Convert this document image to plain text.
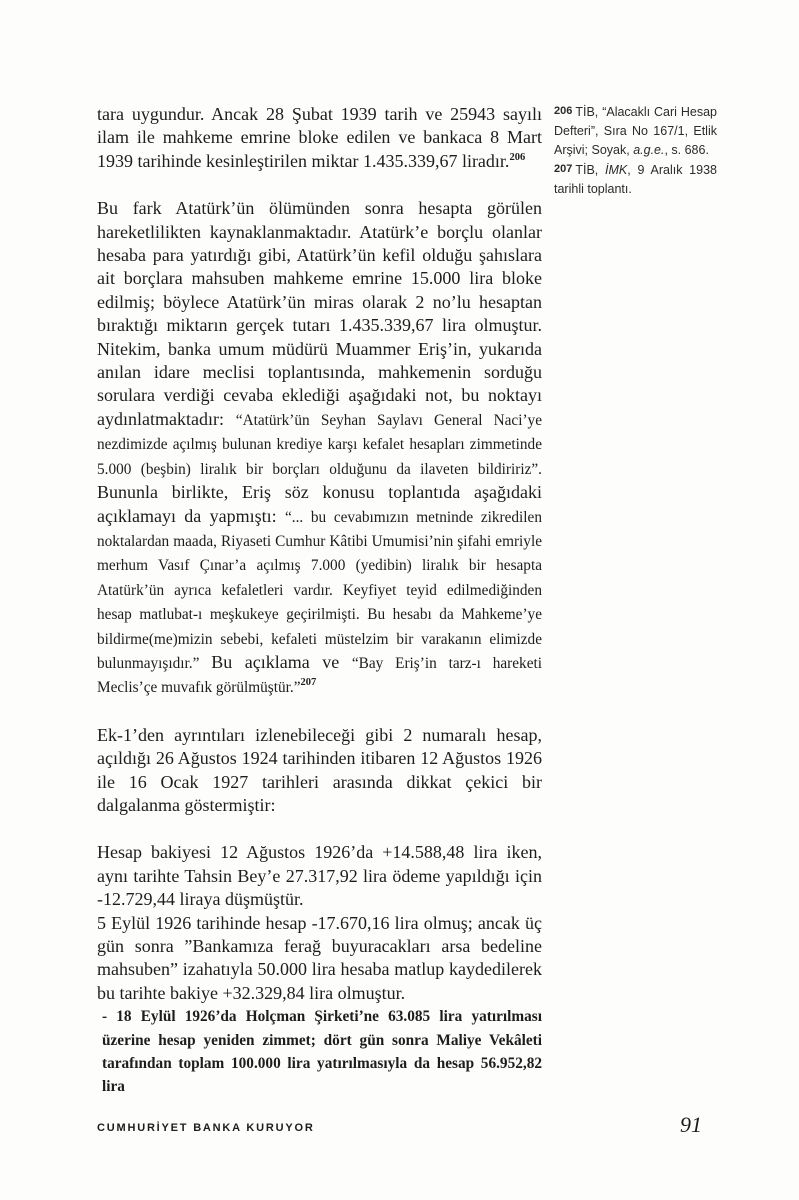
tara uygundur. Ancak 28 Şubat 1939 tarih ve 25943 sayılı ilam ile mahkeme emrine bloke edilen ve bankaca 8 Mart 1939 tarihinde kesinleştirilen miktar 1.435.339,67 liradır.$^{206}$

Bu fark Atatürk’ün ölümünden sonra hesapta görülen hareketlilikten kaynaklanmaktadır. Atatürk’e borçlu olanlar hesaba para yatırdığı gibi, Atatürk’ün kefil olduğu şahıslara ait borçlara mahsuben mahkeme emrine 15.000 lira bloke edilmiş; böylece Atatürk’ün miras olarak 2 no’lu hesaptan bıraktığı miktarın gerçek tutarı 1.435.339,67 lira olmuştur. Nitekim, banka umum müdürü Muammer Eriş’in, yukarıda anılan idare meclisi toplantısında, mahkemenin sorduğu sorulara verdiği cevaba eklediği aşağıdaki not, bu noktayı aydınlatmaktadır: “Atatürk’ün Seyhan Saylavı General Naci’ye nezdimizde açılmış bulunan krediye karşı kefalet hesapları zimmetinde 5.000 (beşbin) liralık bir borçları olduğunu da ilaveten bildiririz”. Bununla birlikte, Eriş söz konusu toplantıda aşağıdaki açıklamayı da yapmıştı: “... bu cevabımızın metninde zikredilen noktalardan maada, Riyaseti Cumhur Kâtibi Umumisi’nin şifahi emriyle merhum Vasıf Çınar’a açılmış 7.000 (yedibin) liralık bir hesapta Atatürk’ün ayrıca kefaletleri vardır. Keyfiyet teyid edilmediğinden hesap matlubat-ı meşkukeye geçirilmişti. Bu hesabı da Mahkeme’ye bildirme(me)mizin sebebi, kefaleti müstelzim bir varakanın elimizde bulunmayışıdır.” Bu açıklama ve “Bay Eriş’in tarz-ı hareketi Meclis’çe muvafık görülmüştür.”$^{207}$

Ek-1’den ayrıntıları izlenebileceği gibi 2 numaralı hesap, açıldığı 26 Ağustos 1924 tarihinden itibaren 12 Ağustos 1926 ile 16 Ocak 1927 tarihleri arasında dikkat çekici bir dalgalanma göstermiştir:

Hesap bakiyesi 12 Ağustos 1926’da +14.588,48 lira iken, aynı tarihte Tahsin Bey’e 27.317,92 lira ödeme yapıldığı için -12.729,44 liraya düşmüştür.

5 Eylül 1926 tarihinde hesap -17.670,16 lira olmuş; ancak üç gün sonra ”Bankamıza ferağ buyuracakları arsa bedeline mahsuben” izahatıyla 50.000 lira hesaba matlup kaydedilerek bu tarihte bakiye +32.329,84 lira olmuştur.

- 18 Eylül 1926’da Holçman Şirketi’ne 63.085 lira yatırılması üzerine hesap yeniden zimmet; dört gün sonra Maliye Vekâleti tarafından toplam 100.000 lira yatırılmasıyla da hesap 56.952,82 lira

206 TİB, “Alacaklı Cari Hesap Defteri”, Sıra No 167/1, Etlik Arşivi; Soyak, a.g.e., s. 686.

207 TİB, İMK, 9 Aralık 1938 tarihli toplantı.

CUMHURİYET BANKA KURUYOR	91
